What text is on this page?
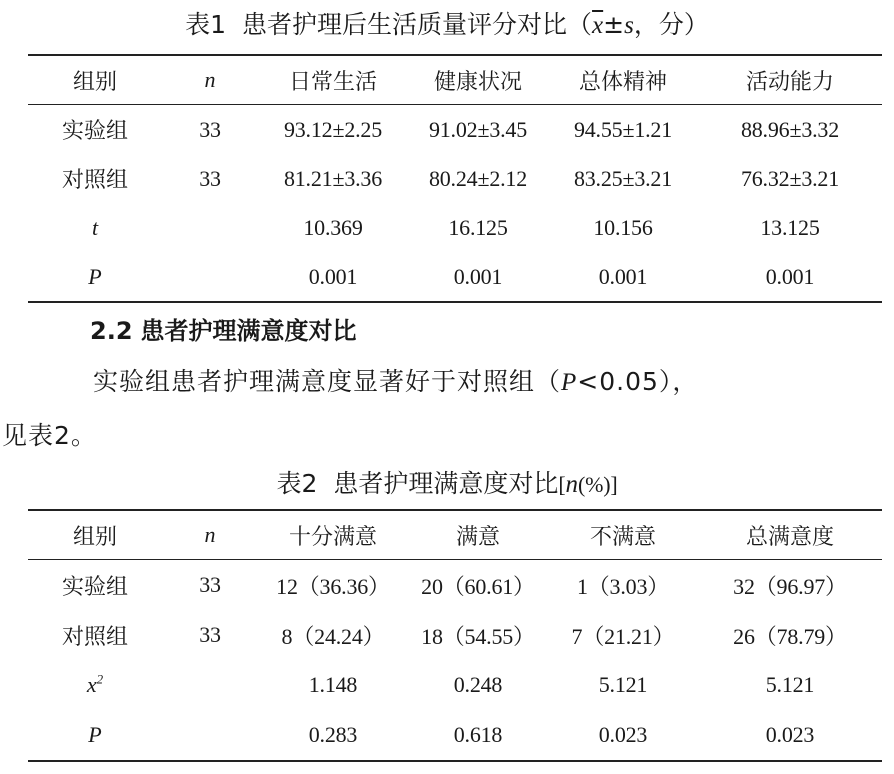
表1 患者护理后生活质量评分对比（$\overline{x}\pm s$，分）
组别	n	日常生活	健康状况	总体精神	活动能力
实验组	33	93.12±2.25	91.02±3.45	94.55±1.21	88.96±3.32
对照组	33	81.21±3.36	80.24±2.12	83.25±3.21	76.32±3.21
t		10.369	16.125	10.156	13.125
P		0.001	0.001	0.001	0.001
2.2 患者护理满意度对比
实验组患者护理满意度显著好于对照组（P<0.05），
见表2。
表2 患者护理满意度对比[n(%)]
组别	n	十分满意	满意	不满意	总满意度
实验组	33	12（36.36）	20（60.61）	1（3.03）	32（96.97）
对照组	33	8（24.24）	18（54.55）	7（21.21）	26（78.79）
$x^2$		1.148	0.248	5.121	5.121
P		0.283	0.618	0.023	0.023
